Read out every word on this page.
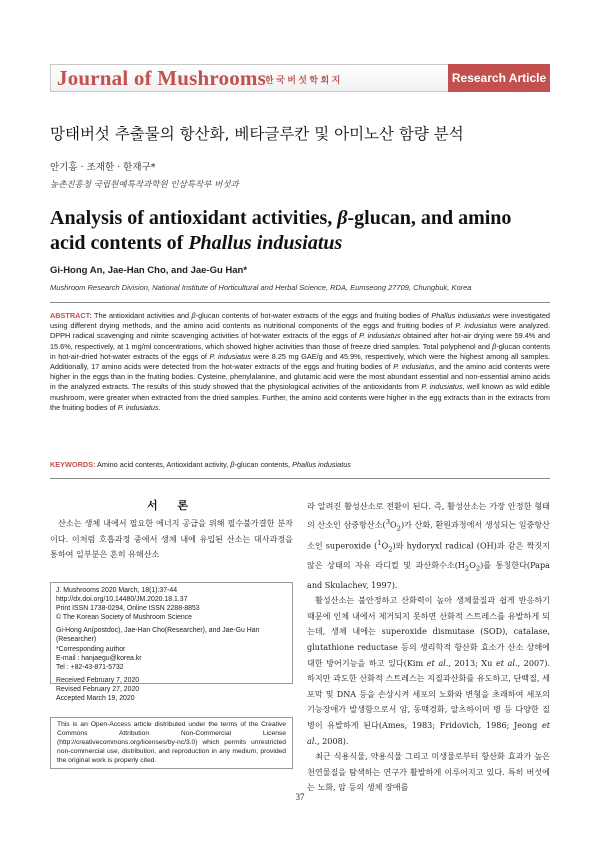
Journal of Mushrooms 한국버섯학회지	Research Article
망태버섯 추출물의 항산화, 베타글루칸 및 아미노산 함량 분석
안기홍 · 조재한 · 한재구*
농촌진흥청 국립원예특작과학원 인삼특작부 버섯과
Analysis of antioxidant activities, β-glucan, and amino acid contents of Phallus indusiatus
Gi-Hong An, Jae-Han Cho, and Jae-Gu Han*
Mushroom Research Division, National Institute of Horticultural and Herbal Science, RDA, Eumseong 27709, Chungbuk, Korea
ABSTRACT: The antioxidant activities and β-glucan contents of hot-water extracts of the eggs and fruiting bodies of Phallus indusiatus were investigated using different drying methods, and the amino acid contents as nutritional components of the eggs and fruiting bodies of P. indusiatus were analyzed. DPPH radical scavenging and nitrite scavenging activities of hot-water extracts of the eggs of P. indusiatus obtained after hot-air drying were 59.4% and 15.6%, respectively, at 1 mg/ml concentrations, which showed higher activities than those of freeze dried samples. Total polyphenol and β-glucan contents in hot-air-dried hot-water extracts of the eggs of P. indusiatus were 8.25 mg GAE/g and 45.9%, respectively, which were the highest among all samples. Additionally, 17 amino acids were detected from the hot-water extracts of the eggs and fruiting bodies of P. indusiatus, and the amino acid contents were higher in the eggs than in the fruiting bodies. Cysteine, phenylalanine, and glutamic acid were the most abundant essential and non-essential amino acids in the analyzed extracts. The results of this study showed that the physiological activities of the antioxidants from P. indusiatus, well known as wild edible mushroom, were greater when extracted from the dried samples. Further, the amino acid contents were higher in the egg extracts than in the extracts from the fruiting bodies of P. indusiatus.
KEYWORDS: Amino acid contents, Antioxidant activity, β-glucan contents, Phallus indusiatus
서 론

산소는 생체 내에서 필요한 에너지 공급을 위해 필수불가결한 분자이다. 이처럼 호흡과정 중에서 생체 내에 유입된 산소는 대사과정을 통하여 일부분은 흔히 유해산소

J. Mushrooms 2020 March, 18(1):37-44
http://dx.doi.org/10.14480/JM.2020.18.1.37
Print ISSN 1738-0294, Online ISSN 2288-8853
© The Korean Society of Mushroom Science
Gi-Hong An(postdoc), Jae-Han Cho(Researcher), and Jae-Gu Han (Researcher)
*Corresponding author
E-mail : hanjaegu@korea.kr
Tel : +82-43-871-5732
Received February 7, 2020
Revised February 27, 2020
Accepted March 19, 2020
This is an Open-Access article distributed under the terms of the Creative Commons Attribution Non-Commercial License (http://creativecommons.org/licenses/by-nc/3.0) which permits unrestricted non-commercial use, distribution, and reproduction in any medium, provided the original work is properly cited.

라 알려진 활성산소로 전환이 된다. 즉, 활성산소는 가장 안정한 형태의 산소인 삼중항산소$(^3O_2)$가 산화, 환원과정에서 생성되는 일중항산소인 superoxide $(^1O_2)$와 hydoryxl radical (OH)과 같은 짝짓지 않은 상태의 자유 라디컬 및 과산화수소$(H_2O_2)$를 통칭한다(Papa and Skulachev, 1997).

활성산소는 불안정하고 산화력이 높아 생체물질과 쉽게 반응하기 때문에 인체 내에서 제거되지 못하면 산화적 스트레스를 유발하게 되는데, 생체 내에는 superoxide dismutase (SOD), catalase, glutathione reductase 등의 생리학적 항산화 효소가 산소 상해에 대한 방어기능을 하고 있다(Kim et al., 2013; Xu et al., 2007). 하지만 과도한 산화적 스트레스는 지질과산화를 유도하고, 단백질, 세포막 및 DNA 등을 손상시켜 세포의 노화와 변형을 초래하여 세포의 기능장애가 발생함으로서 암, 동맥경화, 알츠하이머 병 등 다양한 질병이 유발하게 된다(Ames, 1983; Fridovich, 1986; Jeong et al., 2008).

최근 식용식물, 약용식물 그리고 미생물로부터 항산화 효과가 높은 천연물질을 탐색하는 연구가 활발하게 이루어지고 있다. 특히 버섯에는 노화, 암 등의 생체 장애를

37
